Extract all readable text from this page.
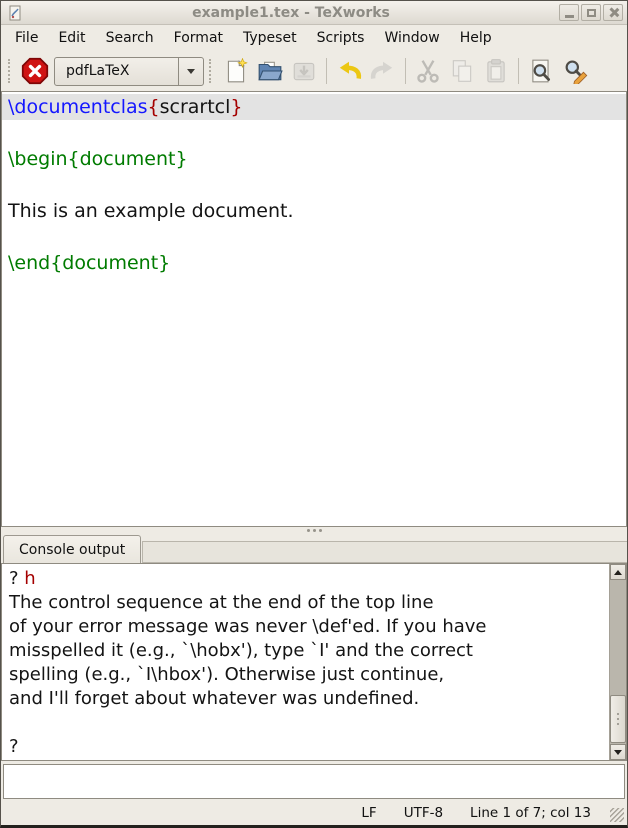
example1.tex - TeXworks
File	Edit	Search	Format	Typeset	Scripts	Window	Help
pdfLaTeX
\documentclas{scrartcl}
\begin{document}
This is an example document.
\end{document}
Console output
? h
The control sequence at the end of the top line
of your error message was never \def'ed. If you have
misspelled it (e.g., `\hobx'), type `I' and the correct
spelling (e.g., `I\hbox'). Otherwise just continue,
and I'll forget about whatever was undefined.
?
LF UTF-8 Line 1 of 7; col 13
